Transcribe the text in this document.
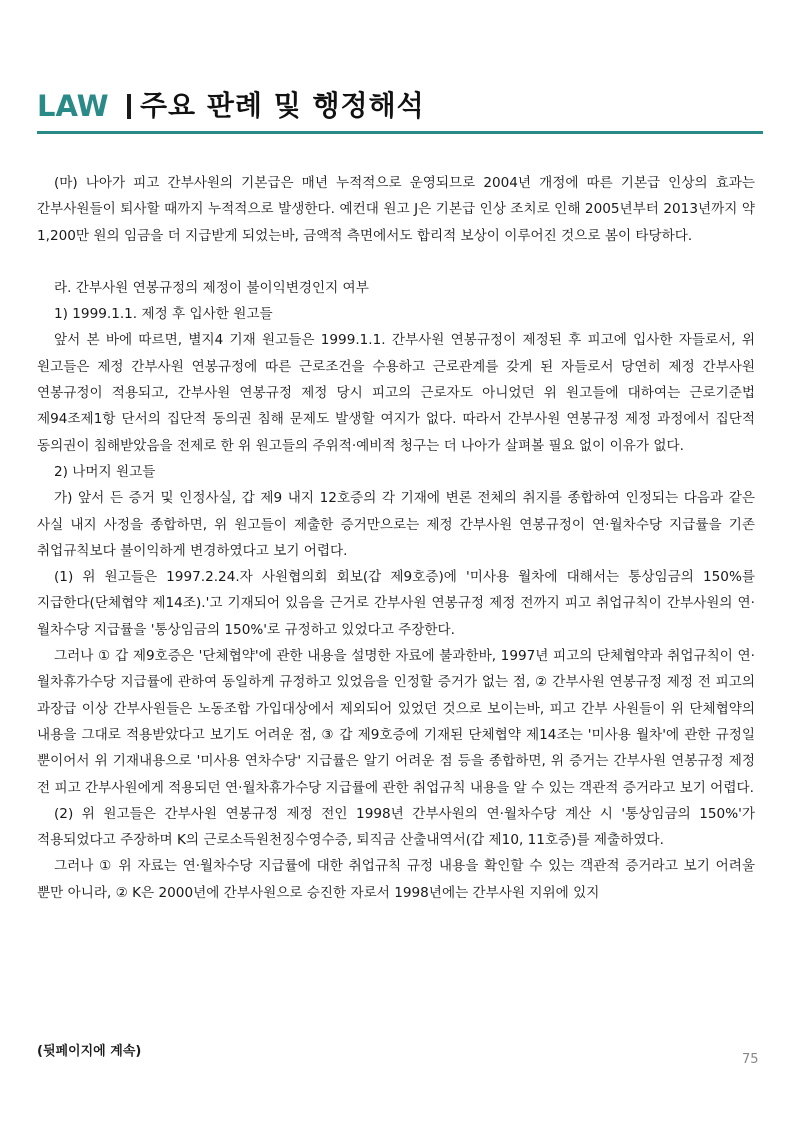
LAW 주요 판례 및 행정해석

(마) 나아가 피고 간부사원의 기본급은 매년 누적적으로 운영되므로 2004년 개정에 따른 기본급 인상의 효과는 간부사원들이 퇴사할 때까지 누적적으로 발생한다. 예컨대 원고 J은 기본급 인상 조치로 인해 2005년부터 2013년까지 약 1,200만 원의 임금을 더 지급받게 되었는바, 금액적 측면에서도 합리적 보상이 이루어진 것으로 봄이 타당하다.

라. 간부사원 연봉규정의 제정이 불이익변경인지 여부

1) 1999.1.1. 제정 후 입사한 원고들

앞서 본 바에 따르면, 별지4 기재 원고들은 1999.1.1. 간부사원 연봉규정이 제정된 후 피고에 입사한 자들로서, 위 원고들은 제정 간부사원 연봉규정에 따른 근로조건을 수용하고 근로관계를 갖게 된 자들로서 당연히 제정 간부사원 연봉규정이 적용되고, 간부사원 연봉규정 제정 당시 피고의 근로자도 아니었던 위 원고들에 대하여는 근로기준법 제94조제1항 단서의 집단적 동의권 침해 문제도 발생할 여지가 없다. 따라서 간부사원 연봉규정 제정 과정에서 집단적 동의권이 침해받았음을 전제로 한 위 원고들의 주위적·예비적 청구는 더 나아가 살펴볼 필요 없이 이유가 없다.

2) 나머지 원고들

가) 앞서 든 증거 및 인정사실, 갑 제9 내지 12호증의 각 기재에 변론 전체의 취지를 종합하여 인정되는 다음과 같은 사실 내지 사정을 종합하면, 위 원고들이 제출한 증거만으로는 제정 간부사원 연봉규정이 연·월차수당 지급률을 기존 취업규칙보다 불이익하게 변경하였다고 보기 어렵다.

(1) 위 원고들은 1997.2.24.자 사원협의회 회보(갑 제9호증)에 '미사용 월차에 대해서는 통상임금의 150%를 지급한다(단체협약 제14조).'고 기재되어 있음을 근거로 간부사원 연봉규정 제정 전까지 피고 취업규칙이 간부사원의 연·월차수당 지급률을 '통상임금의 150%'로 규정하고 있었다고 주장한다.

그러나 ① 갑 제9호증은 '단체협약'에 관한 내용을 설명한 자료에 불과한바, 1997년 피고의 단체협약과 취업규칙이 연·월차휴가수당 지급률에 관하여 동일하게 규정하고 있었음을 인정할 증거가 없는 점, ② 간부사원 연봉규정 제정 전 피고의 과장급 이상 간부사원들은 노동조합 가입대상에서 제외되어 있었던 것으로 보이는바, 피고 간부 사원들이 위 단체협약의 내용을 그대로 적용받았다고 보기도 어려운 점, ③ 갑 제9호증에 기재된 단체협약 제14조는 '미사용 월차'에 관한 규정일 뿐이어서 위 기재내용으로 '미사용 연차수당' 지급률은 알기 어려운 점 등을 종합하면, 위 증거는 간부사원 연봉규정 제정 전 피고 간부사원에게 적용되던 연·월차휴가수당 지급률에 관한 취업규칙 내용을 알 수 있는 객관적 증거라고 보기 어렵다.

(2) 위 원고들은 간부사원 연봉규정 제정 전인 1998년 간부사원의 연·월차수당 계산 시 '통상임금의 150%'가 적용되었다고 주장하며 K의 근로소득원천징수영수증, 퇴직금 산출내역서(갑 제10, 11호증)를 제출하였다.

그러나 ① 위 자료는 연·월차수당 지급률에 대한 취업규칙 규정 내용을 확인할 수 있는 객관적 증거라고 보기 어려울 뿐만 아니라, ② K은 2000년에 간부사원으로 승진한 자로서 1998년에는 간부사원 지위에 있지

(뒷페이지에 계속)
75
